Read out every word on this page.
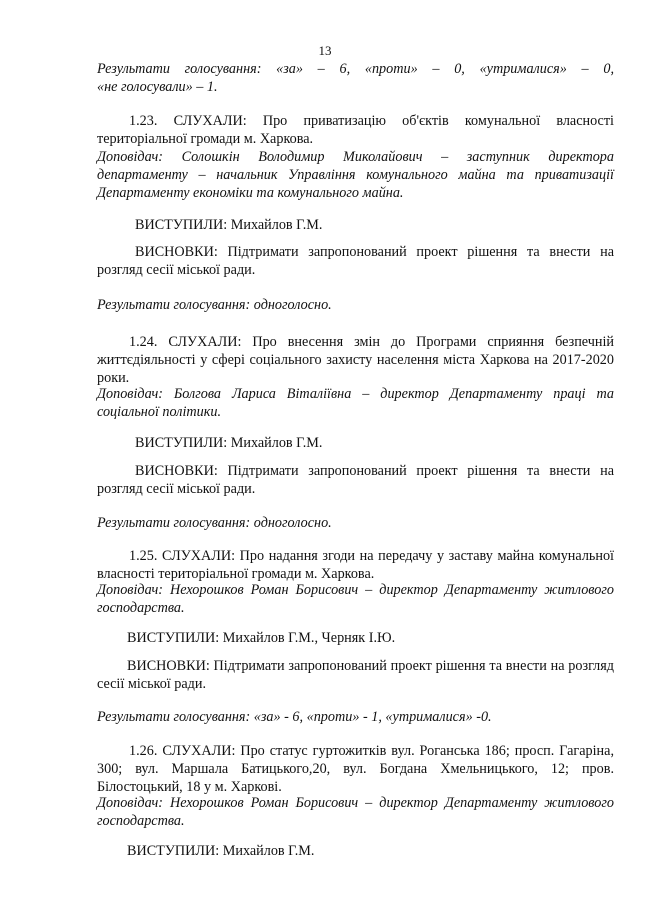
13
Результати голосування: «за» – 6, «проти» – 0, «утрималися» – 0,
«не голосували» – 1.
1.23. СЛУХАЛИ: Про приватизацію об'єктів комунальної власності територіальної громади м. Харкова.
Доповідач: Солошкін Володимир Миколайович – заступник директора департаменту – начальник Управління комунального майна та приватизації Департаменту економіки та комунального майна.
ВИСТУПИЛИ: Михайлов Г.М.
ВИСНОВКИ: Підтримати запропонований проект рішення та внести на розгляд сесії міської ради.
Результати голосування: одноголосно.
1.24. СЛУХАЛИ: Про внесення змін до Програми сприяння безпечній життєдіяльності у сфері соціального захисту населення міста Харкова на 2017-2020 роки.
Доповідач: Болгова Лариса Віталіївна – директор Департаменту праці та соціальної політики.
ВИСТУПИЛИ: Михайлов Г.М.
ВИСНОВКИ: Підтримати запропонований проект рішення та внести на розгляд сесії міської ради.
Результати голосування: одноголосно.
1.25. СЛУХАЛИ: Про надання згоди на передачу у заставу майна комунальної власності територіальної громади м. Харкова.
Доповідач: Нехорошков Роман Борисович – директор Департаменту житлового господарства.
ВИСТУПИЛИ: Михайлов Г.М., Черняк І.Ю.
ВИСНОВКИ: Підтримати запропонований проект рішення та внести на розгляд сесії міської ради.
Результати голосування: «за» - 6, «проти» - 1, «утрималися» -0.
1.26. СЛУХАЛИ: Про статус гуртожитків вул. Роганська 186; просп. Гагаріна, 300; вул. Маршала Батицького,20, вул. Богдана Хмельницького, 12; пров. Білостоцький, 18 у м. Харкові.
Доповідач: Нехорошков Роман Борисович – директор Департаменту житлового господарства.
ВИСТУПИЛИ: Михайлов Г.М.
